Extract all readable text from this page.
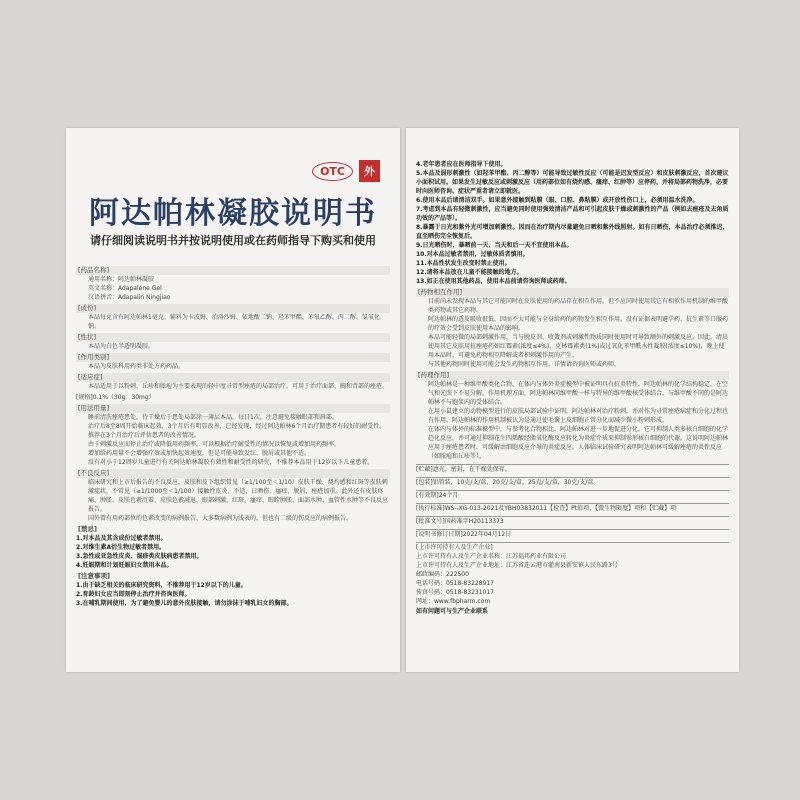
OTC	外
阿达帕林凝胶说明书
请仔细阅读说明书并按说明使用或在药师指导下购买和使用
[药品名称]
通用名称：阿达帕林凝胶
英文名称：Adapalene Gel
汉语拼音：Adapalin Ningjiao
[成份]
本品每克含有阿达帕林1毫克。辅料为卡波姆、泊洛沙姆、依地酸二钠、羟苯甲酯、苯氧乙醇、丙二醇、氢氧化钠。
[性状]
本品为白色半透明凝胶。
[作用类别]
本品为皮肤科用药类非处方药药品。
[适应症]
本品适用于以粉刺、丘疹和脓疱为主要表现的轻中度寻常型痤疮的局部治疗。可用于治疗面部、胸和背部的痤疮。
[规格]0.1%（30g：30mg）
[用法用量]
睡前清洗痤疮患处，待干燥后于患处局部涂一薄层本品，每日1次，注意避免接触眼部和唇部。
治疗后8至8周开始临床起效，3个月后有明显改善，已经发现，经过阿达帕林6个月治疗期患者有较好的耐受性。推荐在3个月治疗后评估患者的改善情况。
由于刺激反应而停止治疗或降低用药频率，可以根据治疗耐受性的情况以恢复或增加用药频率。
增加给药用量不会增强疗效或加快起效速度，但是可能导致发红、脱屑或其他不适。
没有对小于12周岁儿童进行有关阿达帕林凝胶有效性和耐受性的研究，不推荐本品用于12岁以下儿童患者。
[不良反应]
临床研究和上市后报告的不良反应，皮肤和皮下组织常见（≥1/100至＜1/10）皮肤干燥、烧灼感和红斑等皮肤刺激症状，不常见（≥1/1000至＜1/100）接触性皮炎、不适、日晒伤、瘙痒、脱屑、痤疮加重。此外还有皮肤疼痛、肿胀、皮肤色素沉着、皮肤色素减退、眼部刺激、红斑、瘙痒、眼睑肿胀、面部水肿、血管性水肿等不良反应报告。
国外曾有用药部位的色素改变的病例报告，大多数病例为浅表的，但也有二级的伤反应的病例报告。
[禁忌]
1.对本品及其含成份过敏者禁用。
2.对维生素A衍生物过敏者禁用。
3.急性或亚急性皮炎、湿疹类皮肤病患者禁用。
4.妊娠期和计划妊娠妇女禁用本品。
[注意事项]
1.由于缺乏相关的临床研究资料，不推荐用于12岁以下的儿童。
2.育龄妇女应当即刻停止治疗并咨询医师。
3.在哺乳期间使用，为了避免婴儿的意外皮肤接触，请勿涂抹于哺乳妇女的胸部。
4.老年患者应在医师指导下使用。
5.本品及弱形刺激性（如羟苯甲酯、丙二醇等）可能导致过敏性反应（可能是迟发型反应）和皮肤刺激反应，首次建议小面积试用。如果发生过敏反应或刺激反应（用药部位如有烧灼感、瘙痒、红肿等）应停药，并将局部药物洗净，必要时向医师咨询。症状严重者请立即就医。
6.使用本品后请清洁双手。如果意外接触到粘膜（眼、口腔、鼻粘膜）或开放性伤口上，必须用温水洗净。
7.考虑到本品有轻微刺激性，应当避免同时使用强效清洁产品和可引起皮肤干燥或刺激性的产品（例如去痤疮及去角质功效的产品等）。
8.暴露于日光和紫外光可增加刺激性。因而在治疗期内尽量避免日晒和紫外线照射。如有日晒伤，本品治疗必须推迟，直至晒伤完全恢复后。
9.日光晒伤时，暴晒前一天、当天和后一天不宜使用本品。
10.对本品过敏者禁用，过敏体质者慎用。
11.本品性状发生改变时禁止使用。
12.请将本品放在儿童不能接触的地方。
13.如正在使用其他药品，使用本品前请咨询医师或药师。
[药物相互作用]
目前尚未发现本品与其它可能同时在皮肤使用的药品存在相互作用。但不应同时使用其它有相似作用机制的维甲酸类药物或其它药物。
阿达帕林的透皮吸收很低，因而不太可能与全身给药的药物发生相互作用。没有证据表明避孕药、抗生素等口服药的疗效会受到皮肤使用本品的影响。
本品可能轻微的局部刺激作用，当与脱皮剂、收敛剂或刺激性物质同时使用时可导致额外的刺激反应。因此，清晨使用其它皮肤用抗痤疮药如红霉素(浓度≤4%)、克林霉素类(1%)或过氧化苯甲酰水性凝胶(浓度≤10%)，晚上使用本品时，可避免药物相互降解或者积刺激作用的产生。
与其他药物同时使用可能会发生药物相互作用，详情请咨询医师或药师。
[药理作用]
阿达帕林是一种维甲酸类化合物，在体内与体外炎症模型中被证明具有抗炎特性。阿达帕林的化学结构稳定，在空气和光照下不易分解，作用机理方面，阿达帕林同维甲酸一样与特异的维甲酸核受体结合，与维甲酸不同的是阿达帕林不与胞浆内的受体结合。
在用小鼠建立的动物模型进行的皮肤局部试验中证明，阿达帕林对治疗粉刺，并对作为寻常痤疮病症和分化过程也有作用。阿达帕林的作用机制被认为是通过使毛囊上皮细胞正常分化而减少微小粉刺形成。
在体内与体外的标准模型中，与参考化合物相比，阿达帕林对进一步地促进分化。它可抑制人类多核白细胞的化学趋化反应，并可通过抑制花生四烯酸经脂氧化酶反应转化为炎症介质来抑制参形核白细胞的代谢。这说明阿达帕林应用于痤疮患者时，可缓解由细胞反应介导的炎症反应。人体临床试验研究表明阿达帕林可缓解痤疮的炎性反应（如脓疱和丘疹等）。
[贮藏]遮光，密封，在干燥处保存。
[包装]铝管装，10克/支/盒，20克/支/盒，25克/支/盒，30克/支/盒。
[有效期]24个月
[执行标准]WS--XG-013-2021及YBH03832011【检查】Pt值项、【微生物限度】项和【贮藏】项
[批准文号]国药准字H20113373
[说明书修订日期]2022年04月12日
[上市许可持有人及生产企业]
上市许可持有人及生产企业名称：江苏福邦药业有限公司
上市许可持有人及生产企业地址：江苏省连云港市灌南县新安镇人民东路3号
邮政编码：222500
电话号码：0518-83228917
传真号码：0518-83231017
网址：www.fbpharm.com
如有问题可与生产企业联系
